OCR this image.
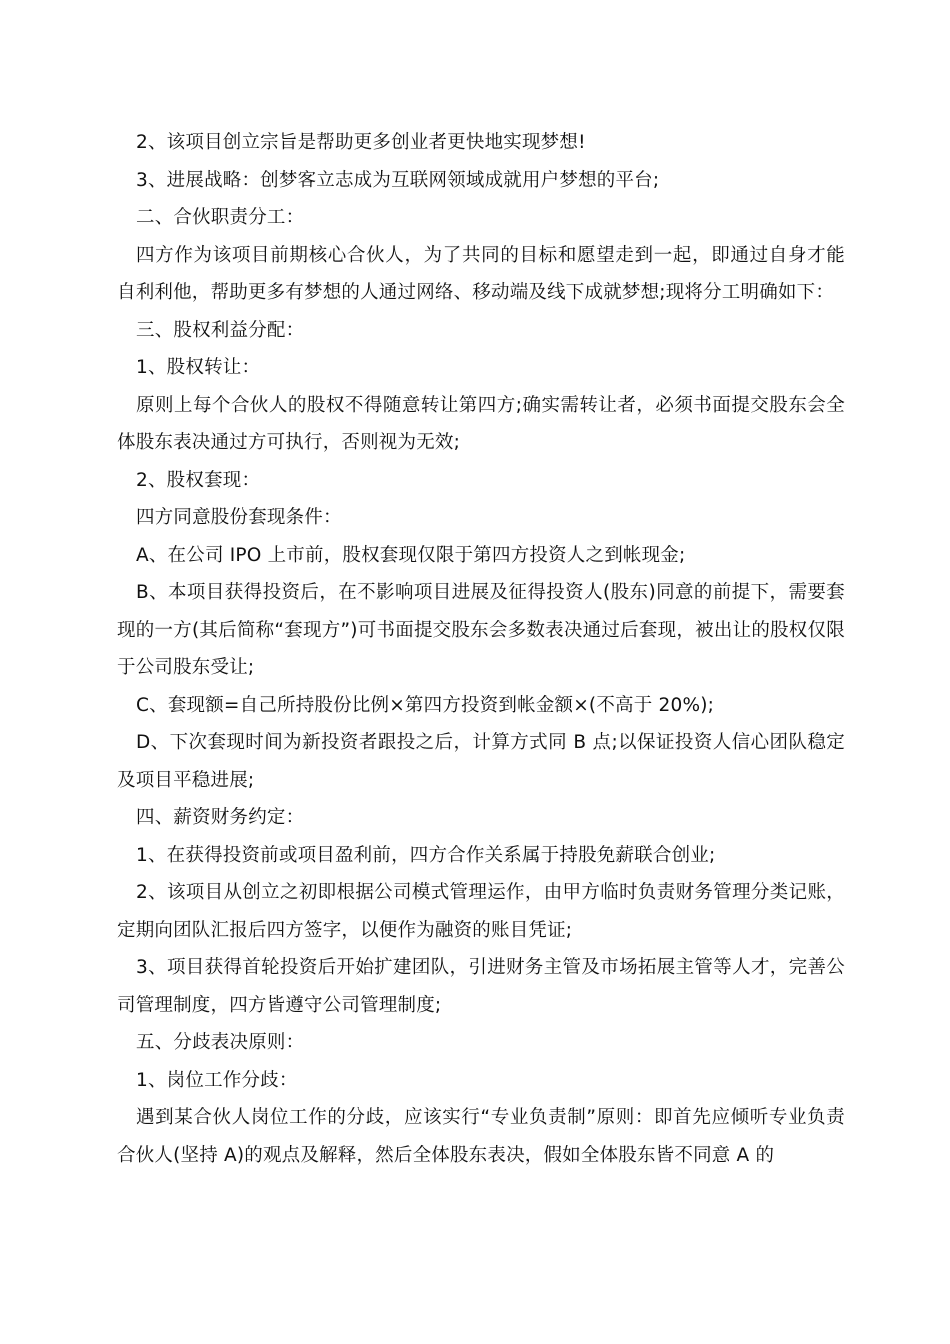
2、该项目创立宗旨是帮助更多创业者更快地实现梦想!

3、进展战略：创梦客立志成为互联网领域成就用户梦想的平台;

二、合伙职责分工：

四方作为该项目前期核心合伙人，为了共同的目标和愿望走到一起，即通过自身才能自利利他，帮助更多有梦想的人通过网络、移动端及线下成就梦想;现将分工明确如下：

三、股权利益分配：

1、股权转让：

原则上每个合伙人的股权不得随意转让第四方;确实需转让者，必须书面提交股东会全体股东表决通过方可执行，否则视为无效;

2、股权套现：

四方同意股份套现条件：

A、在公司 IPO 上市前，股权套现仅限于第四方投资人之到帐现金;

B、本项目获得投资后，在不影响项目进展及征得投资人(股东)同意的前提下，需要套现的一方(其后简称“套现方”)可书面提交股东会多数表决通过后套现，被出让的股权仅限于公司股东受让;

C、套现额=自己所持股份比例×第四方投资到帐金额×(不高于 20%);

D、下次套现时间为新投资者跟投之后，计算方式同 B 点;以保证投资人信心团队稳定及项目平稳进展;

四、薪资财务约定：

1、在获得投资前或项目盈利前，四方合作关系属于持股免薪联合创业;

2、该项目从创立之初即根据公司模式管理运作，由甲方临时负责财务管理分类记账，定期向团队汇报后四方签字，以便作为融资的账目凭证;

3、项目获得首轮投资后开始扩建团队，引进财务主管及市场拓展主管等人才，完善公司管理制度，四方皆遵守公司管理制度;

五、分歧表决原则：

1、岗位工作分歧：

遇到某合伙人岗位工作的分歧，应该实行“专业负责制”原则：即首先应倾听专业负责合伙人(坚持 A)的观点及解释，然后全体股东表决，假如全体股东皆不同意 A 的
